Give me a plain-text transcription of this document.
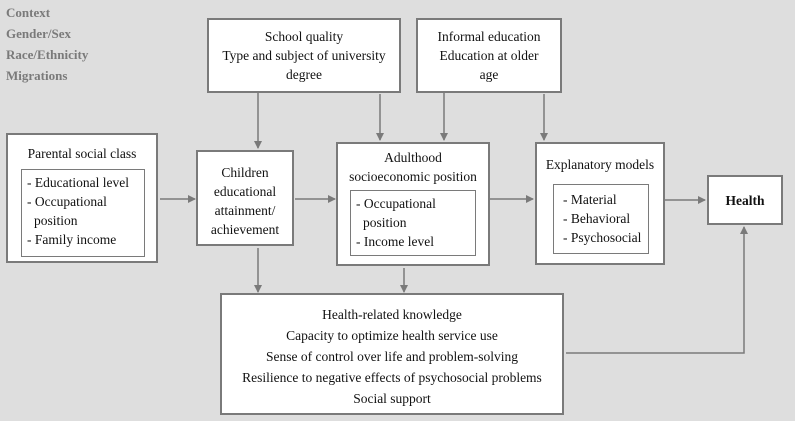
Context
Gender/Sex
Race/Ethnicity
Migrations
School quality
Type and subject of university
degree
Informal education
Education at older
age
Parental social class
- Educational level
- Occupational position
- Family income
Children
educational
attainment/
achievement
Adulthood
socioeconomic position
- Occupational position
- Income level
Explanatory models
- Material
- Behavioral
- Psychosocial
Health
Health-related knowledge
Capacity to optimize health service use
Sense of control over life and problem-solving
Resilience to negative effects of psychosocial problems
Social support
